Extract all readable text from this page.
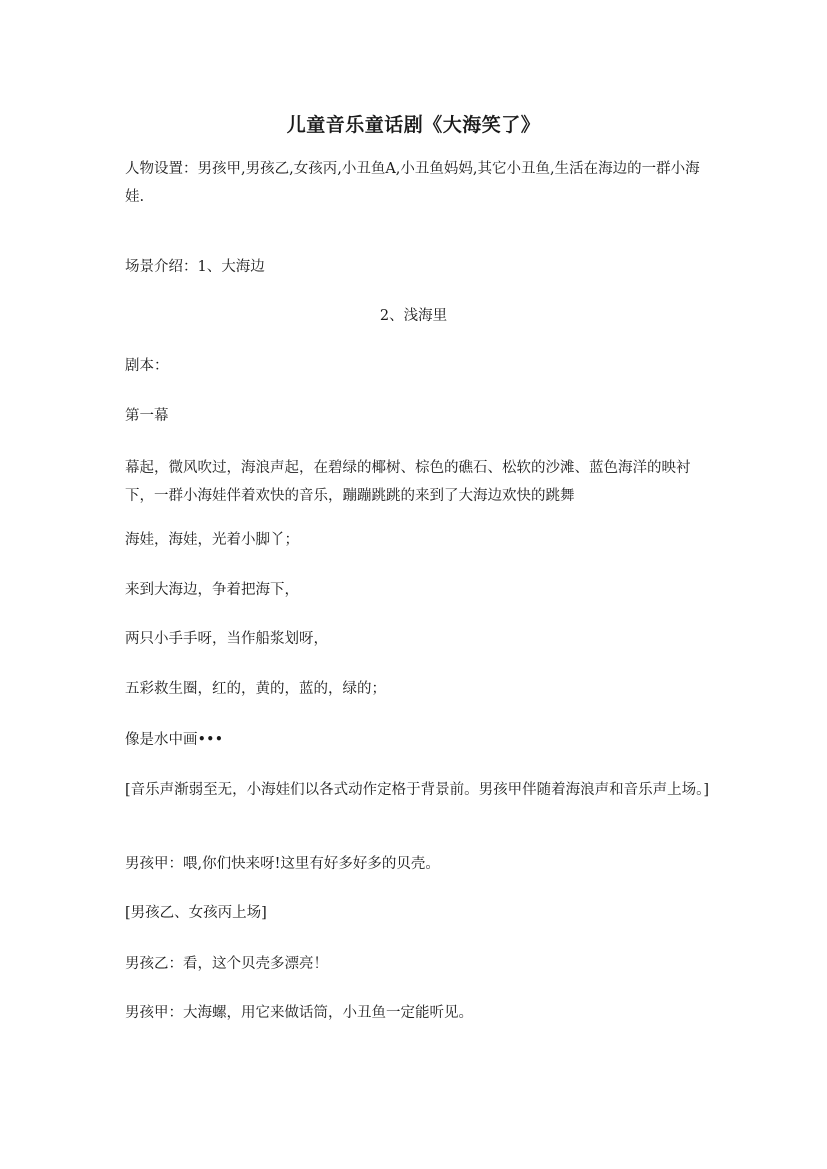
儿童音乐童话剧《大海笑了》

人物设置：男孩甲,男孩乙,女孩丙,小丑鱼A,小丑鱼妈妈,其它小丑鱼,生活在海边的一群小海娃.

场景介绍：1、大海边

2、浅海里

剧本：

第一幕

幕起，微风吹过，海浪声起，在碧绿的椰树、棕色的礁石、松软的沙滩、蓝色海洋的映衬下，一群小海娃伴着欢快的音乐，蹦蹦跳跳的来到了大海边欢快的跳舞

海娃，海娃，光着小脚丫；

来到大海边，争着把海下，

两只小手手呀，当作船浆划呀，

五彩救生圈，红的，黄的，蓝的，绿的；

像是水中画•••

[音乐声渐弱至无，小海娃们以各式动作定格于背景前。男孩甲伴随着海浪声和音乐声上场。]

男孩甲：喂,你们快来呀!这里有好多好多的贝壳。

[男孩乙、女孩丙上场]

男孩乙：看，这个贝壳多漂亮！

男孩甲：大海螺，用它来做话筒，小丑鱼一定能听见。
